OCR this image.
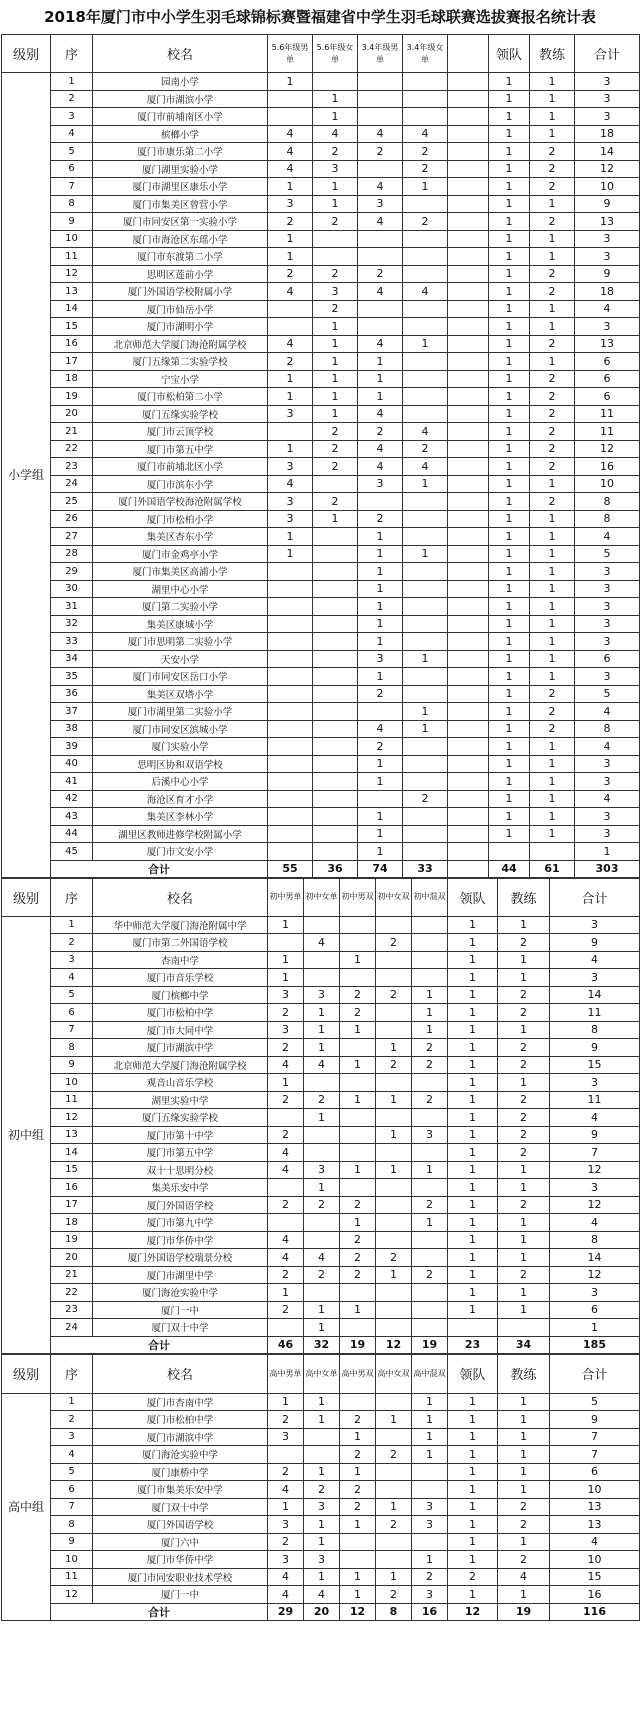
2018年厦门市中小学生羽毛球锦标赛暨福建省中学生羽毛球联赛选拔赛报名统计表
级别	序	校名	5.6年级男单	5.6年级女单	3.4年级男单	3.4年级女单		领队	教练	合计
小学组	1	园南小学	1					1	1	3
	2	厦门市湖滨小学		1				1	1	3
	3	厦门市前埔南区小学		1				1	1	3
	4	槟榔小学	4	4	4	4		1	1	18
	5	厦门市康乐第二小学	4	2	2	2		1	2	14
	6	厦门湖里实验小学	4	3		2		1	2	12
	7	厦门市湖里区康乐小学	1	1	4	1		1	2	10
	8	厦门市集美区曾营小学	3	1	3			1	1	9
	9	厦门市同安区第一实验小学	2	2	4	2		1	2	13
	10	厦门市海沧区东瑶小学	1					1	1	3
	11	厦门市东渡第二小学	1					1	1	3
	12	思明区莲前小学	2	2	2			1	2	9
	13	厦门外国语学校附属小学	4	3	4	4		1	2	18
	14	厦门市仙岳小学		2				1	1	4
	15	厦门市湖明小学		1				1	1	3
	16	北京师范大学厦门海沧附属学校	4	1	4	1		1	2	13
	17	厦门五缘第二实验学校	2	1	1			1	1	6
	18	宁宝小学	1	1	1			1	2	6
	19	厦门市松柏第二小学	1	1	1			1	2	6
	20	厦门五缘实验学校	3	1	4			1	2	11
	21	厦门市云顶学校		2	2	4		1	2	11
	22	厦门市第五中学	1	2	4	2		1	2	12
	23	厦门市前埔北区小学	3	2	4	4		1	2	16
	24	厦门市滨东小学	4		3	1		1	1	10
	25	厦门外国语学校海沧附属学校	3	2				1	2	8
	26	厦门市松柏小学	3	1	2			1	1	8
	27	集美区杏东小学	1		1			1	1	4
	28	厦门市金鸡亭小学	1		1	1		1	1	5
	29	厦门市集美区高浦小学			1			1	1	3
	30	湖里中心小学			1			1	1	3
	31	厦门第二实验小学			1			1	1	3
	32	集美区康城小学			1			1	1	3
	33	厦门市思明第二实验小学			1			1	1	3
	34	天安小学			3	1		1	1	6
	35	厦门市同安区岳口小学			1			1	1	3
	36	集美区双塔小学			2			1	2	5
	37	厦门市湖里第二实验小学				1		1	2	4
	38	厦门市同安区滨城小学			4	1		1	2	8
	39	厦门实验小学			2			1	1	4
	40	思明区协和双语学校			1			1	1	3
	41	后溪中心小学			1			1	1	3
	42	海沧区育才小学				2		1	1	4
	43	集美区李林小学			1			1	1	3
	44	湖里区教师进修学校附属小学			1			1	1	3
	45	厦门市文安小学			1					1
	合计		55	36	74	33		44	61	303
级别	序	校名	初中男单	初中女单	初中男双	初中女双	初中混双	领队	教练	合计
初中组	1	华中师范大学厦门海沧附属中学	1					1	1	3
	2	厦门市第二外国语学校		4		2		1	2	9
	3	杏南中学	1		1			1	1	4
	4	厦门市音乐学校	1					1	1	3
	5	厦门槟榔中学	3	3	2	2	1	1	2	14
	6	厦门市松柏中学	2	1	2		1	1	2	11
	7	厦门市大同中学	3	1	1		1	1	1	8
	8	厦门市湖滨中学	2	1		1	2	1	2	9
	9	北京师范大学厦门海沧附属学校	4	4	1	2	2	1	2	15
	10	观音山音乐学校	1					1	1	3
	11	湖里实验中学	2	2	1	1	2	1	2	11
	12	厦门五缘实验学校		1				1	2	4
	13	厦门市第十中学	2			1	3	1	2	9
	14	厦门市第五中学	4					1	2	7
	15	双十十思明分校	4	3	1	1	1	1	1	12
	16	集美乐安中学		1				1	1	3
	17	厦门外国语学校	2	2	2		2	1	2	12
	18	厦门市第九中学			1		1	1	1	4
	19	厦门市华侨中学	4		2			1	1	8
	20	厦门外国语学校瑞景分校	4	4	2	2		1	1	14
	21	厦门市湖里中学	2	2	2	1	2	1	2	12
	22	厦门海沧实验中学	1					1	1	3
	23	厦门一中	2	1	1			1	1	6
	24	厦门双十中学		1						1
	合计		46	32	19	12	19	23	34	185
级别	序	校名	高中男单	高中女单	高中男双	高中女双	高中混双	领队	教练	合计
高中组	1	厦门市杏南中学	1	1			1	1	1	5
	2	厦门市松柏中学	2	1	2	1	1	1	1	9
	3	厦门市湖滨中学	3		1		1	1	1	7
	4	厦门海沧实验中学			2	2	1	1	1	7
	5	厦门康桥中学	2	1	1			1	1	6
	6	厦门市集美乐安中学	4	2	2			1	1	10
	7	厦门双十中学	1	3	2	1	3	1	2	13
	8	厦门外国语学校	3	1	1	2	3	1	2	13
	9	厦门六中	2	1				1	1	4
	10	厦门市华侨中学	3	3			1	1	2	10
	11	厦门市同安职业技术学校	4	1	1	1	2	2	4	15
	12	厦门一中	4	4	1	2	3	1	1	16
	合计		29	20	12	8	16	12	19	116
